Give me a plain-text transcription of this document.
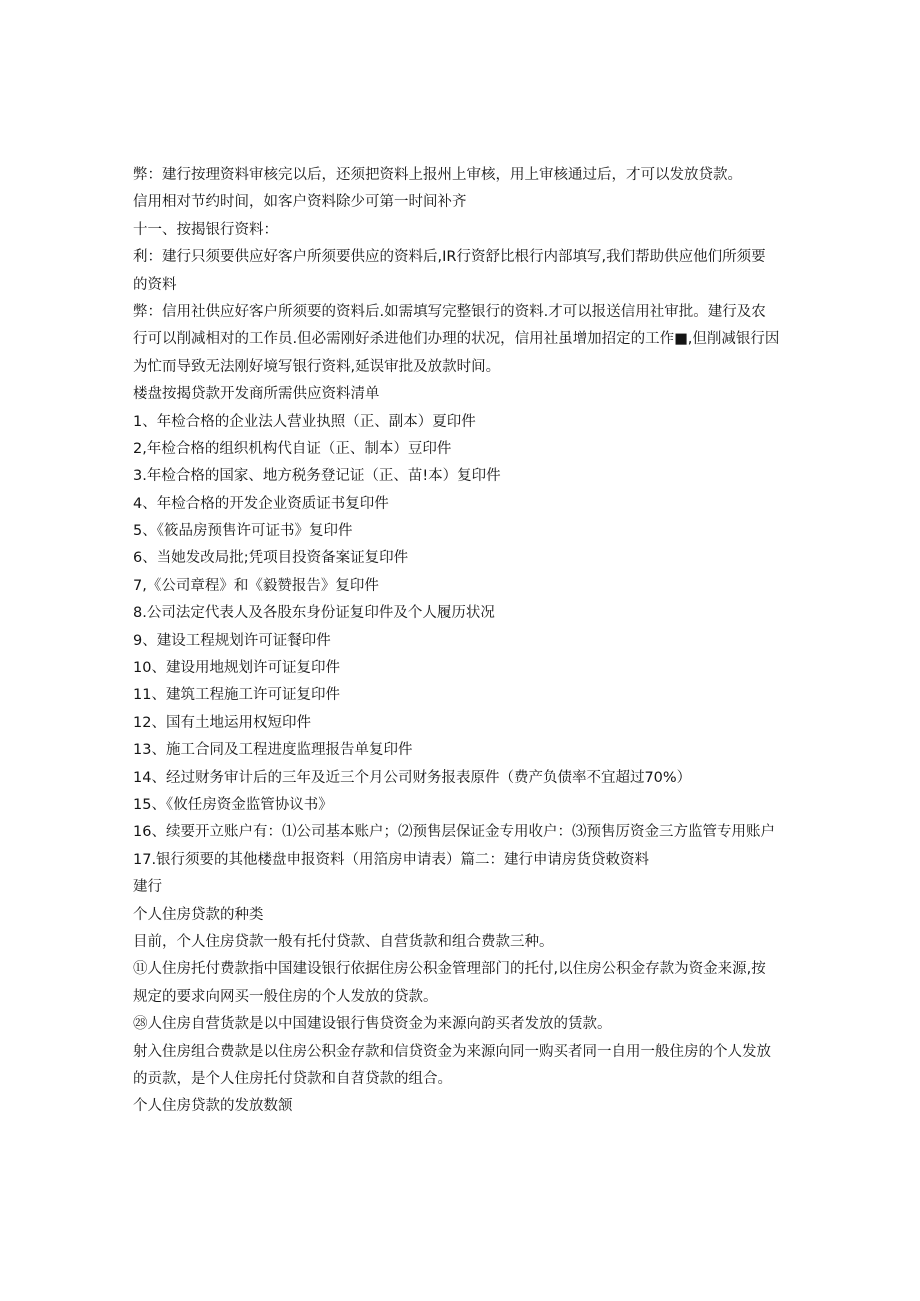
弊：建行按理资料审核完以后，还须把资料上报州上审核，用上审核通过后，才可以发放贷款。
信用相对节约时间，如客户资料除少可第一时间补齐
十一、按揭银行资料：
利：建行只须要供应好客户所须要供应的资料后,IR行资舒比根行内部填写,我们帮助供应他们所须要
的资料
弊：信用社供应好客户所须要的资料后.如需填写完整银行的资料.才可以报送信用社审批。建行及农
行可以削减相对的工作员.但必需刚好杀进他们办理的状况，信用社虽增加招定的工作■,但削减银行因
为忙而导致无法刚好境写银行资料,延误审批及放款时间。
楼盘按揭贷款开发商所需供应资料清单
1、年检合格的企业法人营业执照（正、副本）夏印件
2,年检合格的组织机构代自证（正、制本）豆印件
3.年检合格的国家、地方税务登记证（正、苗!本）复印件
4、年检合格的开发企业资质证书复印件
5、《筱品房预售许可证书》复印件
6、当她发改局批;凭项目投资备案证复印件
7,《公司章程》和《毅赞报告》复印件
8.公司法定代表人及各股东身份证复印件及个人履历状况
9、建设工程规划许可证餐印件
10、建设用地规划许可证复印件
11、建筑工程施工许可证复印件
12、国有土地运用权短印件
13、施工合同及工程进度监理报告单复印件
14、经过财务审计后的三年及近三个月公司财务报表原件（费产负债率不宜超过70%）
15、《攸任房资金监管协议书》
16、续要开立账户有：⑴公司基本账户；⑵预售层保证金专用收户：⑶预售厉资金三方监管专用账户
17.银行须要的其他楼盘申报资料（用箔房申请表）篇二：建行申请房货贷敕资料
建行
个人住房贷款的种类
目前，个人住房贷款一般有托付贷款、自营货款和组合费款三种。
⑪人住房托付费款指中国建设银行依据住房公积金管理部门的托付,以住房公积金存款为资金来源,按
规定的要求向网买一般住房的个人发放的贷款。
㉘人住房自营货款是以中国建设银行售贷资金为来源向韵买者发放的赁款。
射入住房组合费款是以住房公积金存款和信贷资金为来源向同一购买者同一自用一般住房的个人发放
的贡款，是个人住房托付贷款和自苕贷款的组合。
个人住房贷款的发放数颔
